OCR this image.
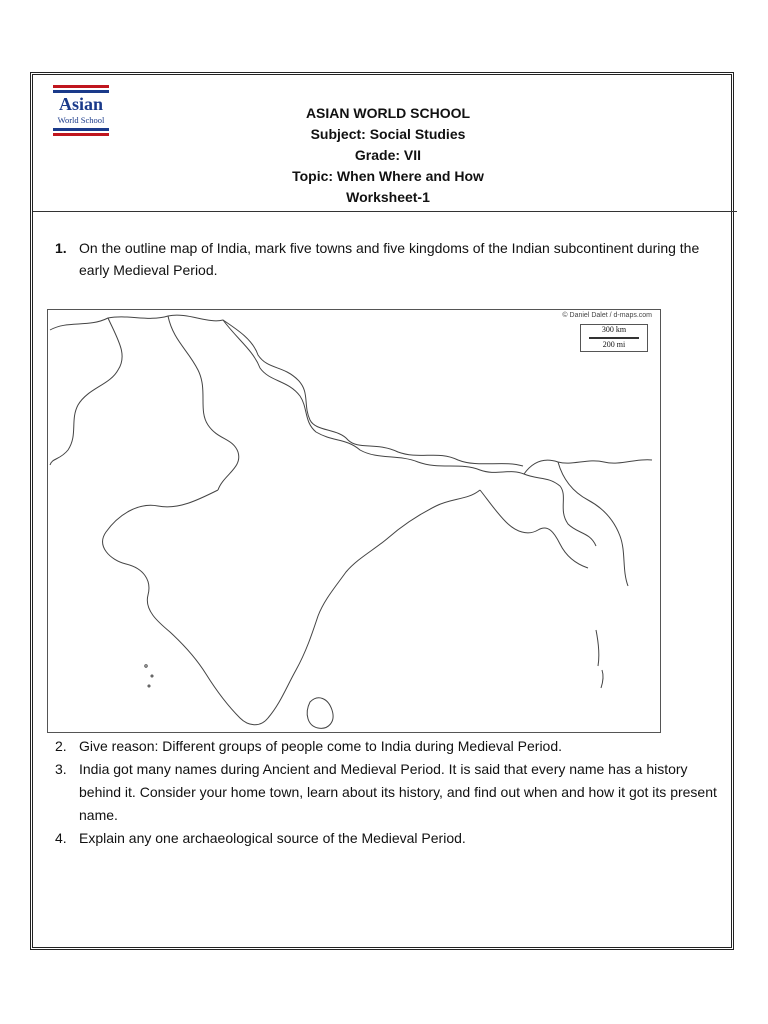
Asian
World School	ASIAN WORLD SCHOOL
Subject: Social Studies
Grade: VII
Topic: When Where and How
Worksheet-1
1. On the outline map of India, mark five towns and five kingdoms of the Indian subcontinent during the early Medieval Period.
© Daniel Dalet / d-maps.com
300 km
200 mi
2. Give reason: Different groups of people come to India during Medieval Period.
3. India got many names during Ancient and Medieval Period. It is said that every name has a history behind it. Consider your home town, learn about its history, and find out when and how it got its present name.
4. Explain any one archaeological source of the Medieval Period.
